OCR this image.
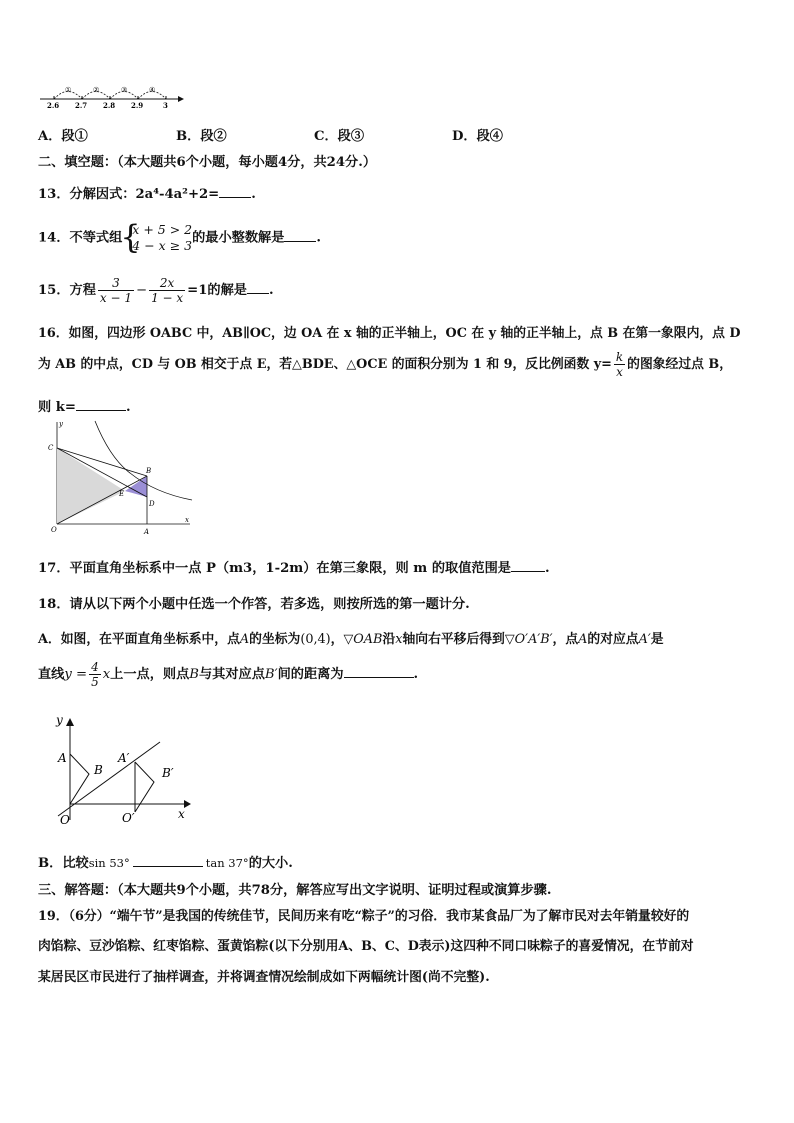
①	②	③	④
2.6 2.7 2.8 2.9	3
A．段①	B．段②	C．段③	D．段④
二、填空题：（本大题共6个小题，每小题4分，共24分.）
13．分解因式：2a⁴-4a²+2= .
14．不等式组
{ x + 5 > 2
4 − x ≥ 3 的最小整数解是 .
15．方程 $\frac{3}{x - 1} - \frac{2x}{1 - x} =1$的解是 .
16．如图，四边形 OABC 中，AB∥OC，边 OA 在 x 轴的正半轴上，OC 在 y 轴的正半轴上，点 B 在第一象限内，点 D
为 AB 的中点，CD 与 OB 相交于点 E，若△BDE、△OCE 的面积分别为 1 和 9，反比例函数 $y= \frac{k}{x}$ 的图象经过点 B，
则 k=	.
y
x
C
B
E
D
O	A
17．平面直角坐标系中一点 P（m3，1-2m）在第三象限，则 m 的取值范围是	.
18．请从以下两个小题中任选一个作答，若多选，则按所选的第一题计分.
A．如图，在平面直角坐标系中，点A的坐标为(0,4)，▽OAB沿x轴向右平移后得到▽O′A′B′，点A的对应点A′是
直线$y = \frac{4}{5}$ x上一点，则点B与其对应点B′间的距离为	.
y
x
A
B
A′
B′
O	O′
B．比较sin 53°	tan 37°的大小.
三、解答题：（本大题共9个小题，共78分，解答应写出文字说明、证明过程或演算步骤.
19．（6分）“端午节”是我国的传统佳节，民间历来有吃“粽子”的习俗．我市某食品厂为了解市民对去年销量较好的
肉馅粽、豆沙馅粽、红枣馅粽、蛋黄馅粽(以下分别用A、B、C、D表示)这四种不同口味粽子的喜爱情况，在节前对
某居民区市民进行了抽样调查，并将调查情况绘制成如下两幅统计图(尚不完整).
